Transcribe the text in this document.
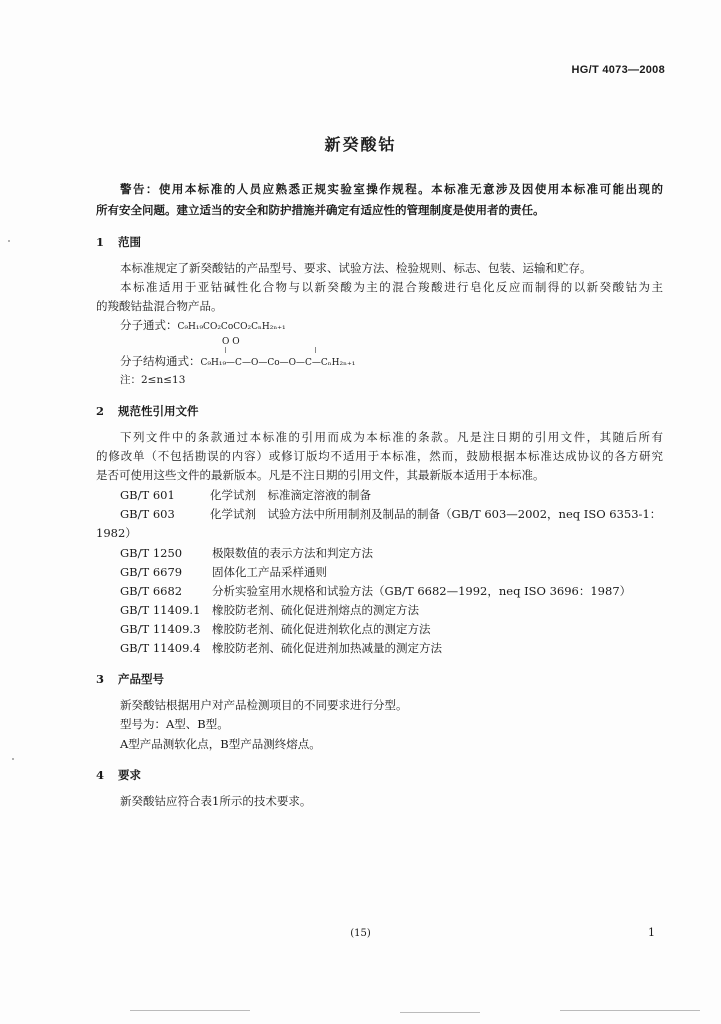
HG/T 4073—2008
新癸酸钴
警告：使用本标准的人员应熟悉正规实验室操作规程。本标准无意涉及因使用本标准可能出现的
所有安全问题。建立适当的安全和防护措施并确定有适应性的管理制度是使用者的责任。
1 范围
本标准规定了新癸酸钴的产品型号、要求、试验方法、检验规则、标志、包装、运输和贮存。
本标准适用于亚钴碱性化合物与以新癸酸为主的混合羧酸进行皂化反应而制得的以新癸酸钴为主
的羧酸钴盐混合物产品。
分子通式：C₉H₁₉CO₂CoCO₂CₙH₂ₙ₊₁
O O
分子结构通式：C₉H₁₉—C—O—Co—O—C—CₙH₂ₙ₊₁
注：2≤n≤13
2 规范性引用文件
下列文件中的条款通过本标准的引用而成为本标准的条款。凡是注日期的引用文件，其随后所有
的修改单（不包括勘误的内容）或修订版均不适用于本标准，然而，鼓励根据本标准达成协议的各方研究
是否可使用这些文件的最新版本。凡是不注日期的引用文件，其最新版本适用于本标准。
GB/T 601	化学试剂　标准滴定溶液的制备
GB/T 603	化学试剂　试验方法中所用制剂及制品的制备（GB/T 603—2002，neq ISO 6353-1：
1982）
GB/T 1250	极限数值的表示方法和判定方法
GB/T 6679	固体化工产品采样通则
GB/T 6682	分析实验室用水规格和试验方法（GB/T 6682—1992，neq ISO 3696：1987）
GB/T 11409.1 橡胶防老剂、硫化促进剂熔点的测定方法
GB/T 11409.3 橡胶防老剂、硫化促进剂软化点的测定方法
GB/T 11409.4 橡胶防老剂、硫化促进剂加热减量的测定方法
3 产品型号
新癸酸钴根据用户对产品检测项目的不同要求进行分型。
型号为：A型、B型。
A型产品测软化点，B型产品测终熔点。
4 要求
新癸酸钴应符合表1所示的技术要求。
(15)	1
